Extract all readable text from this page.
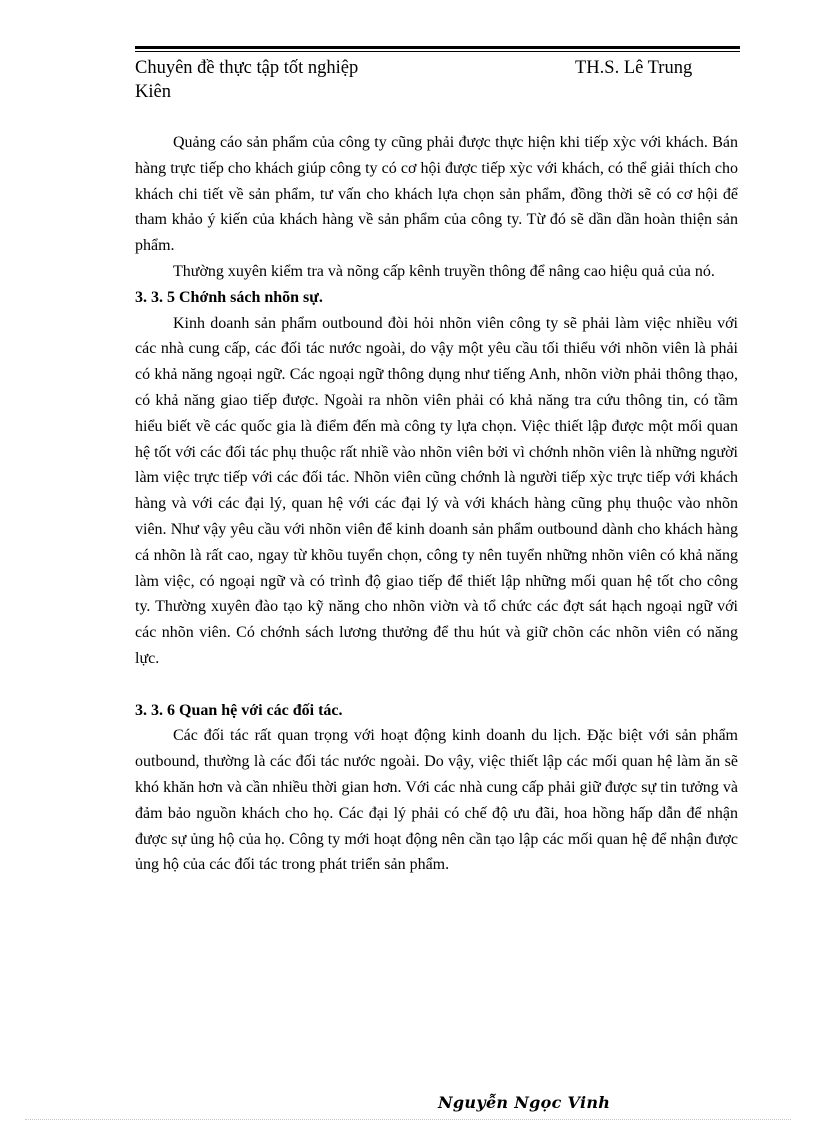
Chuyên đề thực tập tốt nghiệp	TH.S. Lê Trung
Kiên

Quảng cáo sản phẩm của công ty cũng phải được thực hiện khi tiếp xỳc với khách. Bán hàng trực tiếp cho khách giúp công ty có cơ hội được tiếp xỳc với khách, có thể giải thích cho khách chi tiết về sản phẩm, tư vấn cho khách lựa chọn sản phẩm, đồng thời sẽ có cơ hội để tham khảo ý kiến của khách hàng về sản phẩm của công ty. Từ đó sẽ dần dần hoàn thiện sản phẩm.

Thường xuyên kiểm tra và nõng cấp kênh truyền thông để nâng cao hiệu quả của nó.

3. 3. 5 Chớnh sách nhõn sự.

Kinh doanh sản phẩm outbound đòi hỏi nhõn viên công ty sẽ phải làm việc nhiều với các nhà cung cấp, các đối tác nước ngoài, do vậy một yêu cầu tối thiểu với nhõn viên là phải có khả năng ngoại ngữ. Các ngoại ngữ thông dụng như tiếng Anh, nhõn viờn phải thông thạo, có khả năng giao tiếp được. Ngoài ra nhõn viên phải có khả năng tra cứu thông tin, có tầm hiểu biết về các quốc gia là điểm đến mà công ty lựa chọn. Việc thiết lập được một mối quan hệ tốt với các đối tác phụ thuộc rất nhiề vào nhõn viên bởi vì chớnh nhõn viên là những người làm việc trực tiếp với các đối tác. Nhõn viên cũng chớnh là người tiếp xỳc trực tiếp với khách hàng và với các đại lý, quan hệ với các đại lý và với khách hàng cũng phụ thuộc vào nhõn viên. Như vậy yêu cầu với nhõn viên để kinh doanh sản phẩm outbound dành cho khách hàng cá nhõn là rất cao, ngay từ khõu tuyển chọn, công ty nên tuyển những nhõn viên có khả năng làm việc, có ngoại ngữ và có trình độ giao tiếp để thiết lập những mối quan hệ tốt cho công ty. Thường xuyên đào tạo kỹ năng cho nhõn viờn và tổ chức các đợt sát hạch ngoại ngữ với các nhõn viên. Có chớnh sách lương thưởng để thu hút và giữ chõn các nhõn viên có năng lực.

3. 3. 6 Quan hệ với các đối tác.

Các đối tác rất quan trọng với hoạt động kinh doanh du lịch. Đặc biệt với sản phẩm outbound, thường là các đối tác nước ngoài. Do vậy, việc thiết lập các mối quan hệ làm ăn sẽ khó khăn hơn và cần nhiều thời gian hơn. Với các nhà cung cấp phải giữ được sự tin tưởng và đảm bảo nguồn khách cho họ. Các đại lý phải có chế độ ưu đãi, hoa hồng hấp dẫn để nhận được sự ủng hộ của họ. Công ty mới hoạt động nên cần tạo lập các mối quan hệ để nhận được ủng hộ của các đối tác trong phát triển sản phẩm.

Nguyễn Ngọc Vinh
